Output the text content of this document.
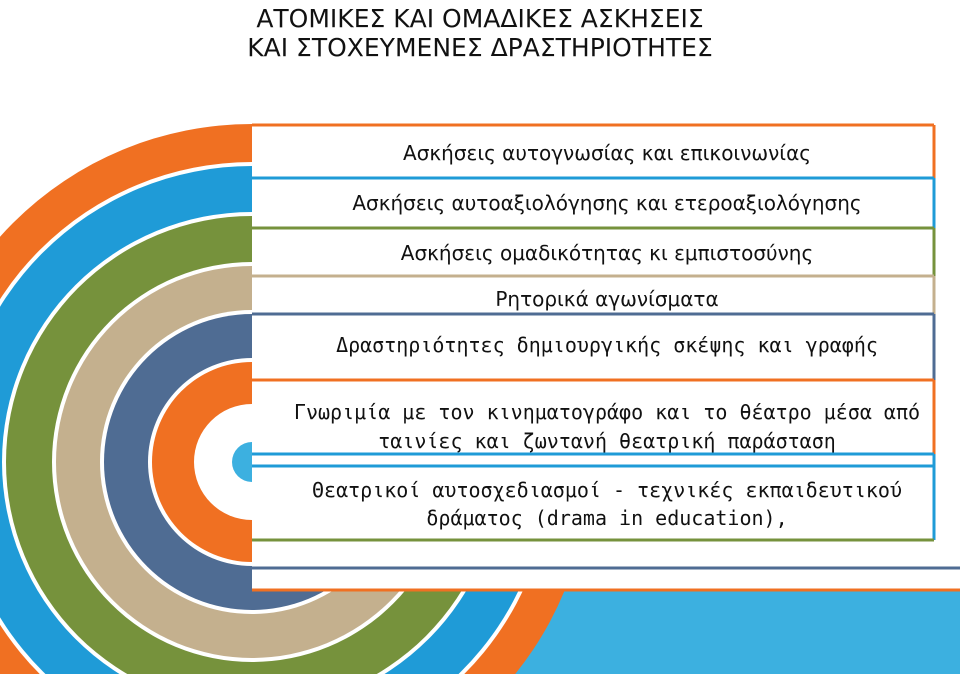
ΑΤΟΜΙΚΕΣ ΚΑΙ ΟΜΑΔΙΚΕΣ ΑΣΚΗΣΕΙΣ
ΚΑΙ ΣΤΟΧΕΥΜΕΝΕΣ ΔΡΑΣΤΗΡΙΟΤΗΤΕΣ
Ασκήσεις αυτογνωσίας και επικοινωνίας
Ασκήσεις αυτοαξιολόγησης και ετεροαξιολόγησης
Ασκήσεις ομαδικότητας κι εμπιστοσύνης
Ρητορικά αγωνίσματα
Δραστηριότητες δημιουργικής σκέψης και γραφής
Γνωριμία με τον κινηματογράφο και το θέατρο μέσα από
ταινίες και ζωντανή θεατρική παράσταση
Θεατρικοί αυτοσχεδιασμοί - τεχνικές εκπαιδευτικού
δράματος (drama in education),
